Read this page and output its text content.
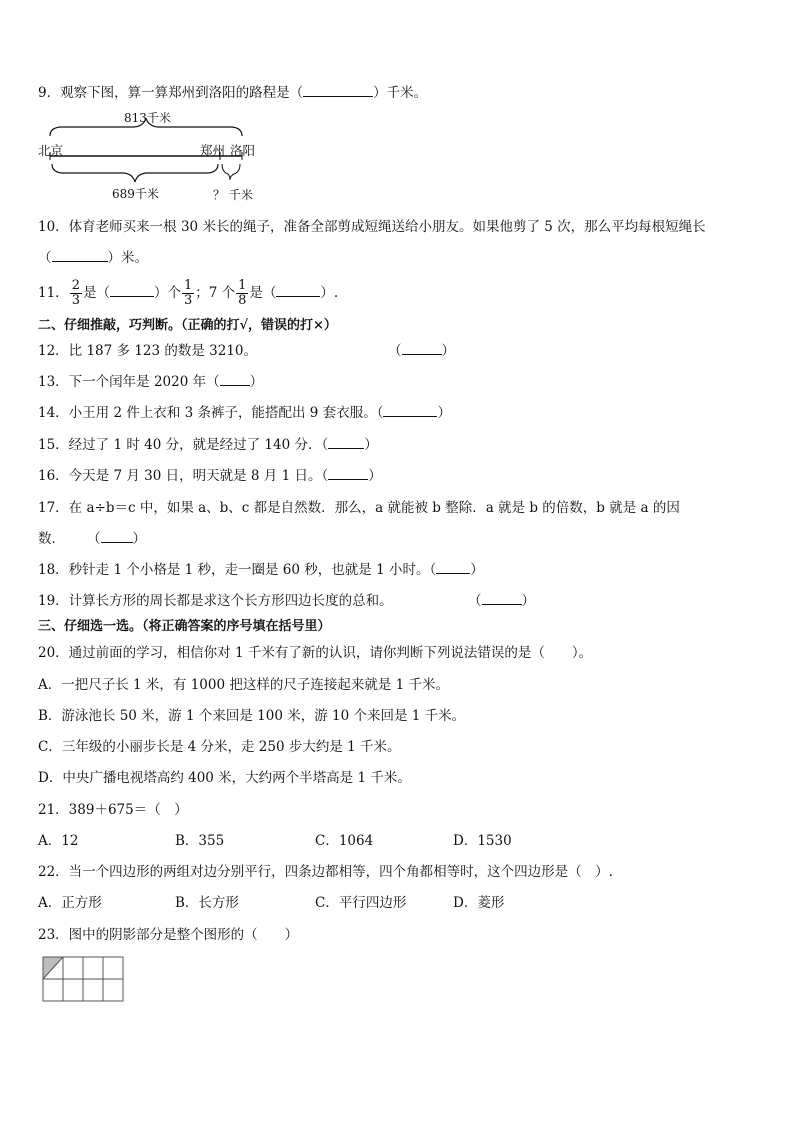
9．观察下图，算一算郑州到洛阳的路程是（	）千米。
813千米
北京	郑州 洛阳
689千米	？ 千米
10．体育老师买来一根 30 米长的绳子，准备全部剪成短绳送给小朋友。如果他剪了 5 次，那么平均每根短绳长
（	）米。
11． $\frac{2}{3}$ 是（	）个 $\frac{1}{3}$ ；7 个 $\frac{1}{8}$ 是（	）.
二、仔细推敲，巧判断。（正确的打√，错误的打×）
12．比 187 多 123 的数是 3210。	（	）
13．下一个闰年是 2020 年（ ）
14．小王用 2 件上衣和 3 条裤子，能搭配出 9 套衣服。（	）
15．经过了 1 时 40 分，就是经过了 140 分．（	）
16．今天是 7 月 30 日，明天就是 8 月 1 日。（	）
17．在 a÷b＝c 中，如果 a、b、c 都是自然数．那么，a 就能被 b 整除．a 就是 b 的倍数，b 就是 a 的因
数． （ ）
18．秒针走 1 个小格是 1 秒，走一圈是 60 秒，也就是 1 小时。（	）
19．计算长方形的周长都是求这个长方形四边长度的总和。	（	）
三、仔细选一选。（将正确答案的序号填在括号里）
20．通过前面的学习，相信你对 1 千米有了新的认识，请你判断下列说法错误的是（　　）。
A．一把尺子长 1 米，有 1000 把这样的尺子连接起来就是 1 千米。
B．游泳池长 50 米，游 1 个来回是 100 米，游 10 个来回是 1 千米。
C．三年级的小丽步长是 4 分米，走 250 步大约是 1 千米。
D．中央广播电视塔高约 400 米，大约两个半塔高是 1 千米。
21．389＋675＝（　）
A．12	B．355	C．1064	D．1530
22．当一个四边形的两组对边分别平行，四条边都相等，四个角都相等时，这个四边形是（　）.
A．正方形	B．长方形	C．平行四边形	D．菱形
23．图中的阴影部分是整个图形的（　　）
